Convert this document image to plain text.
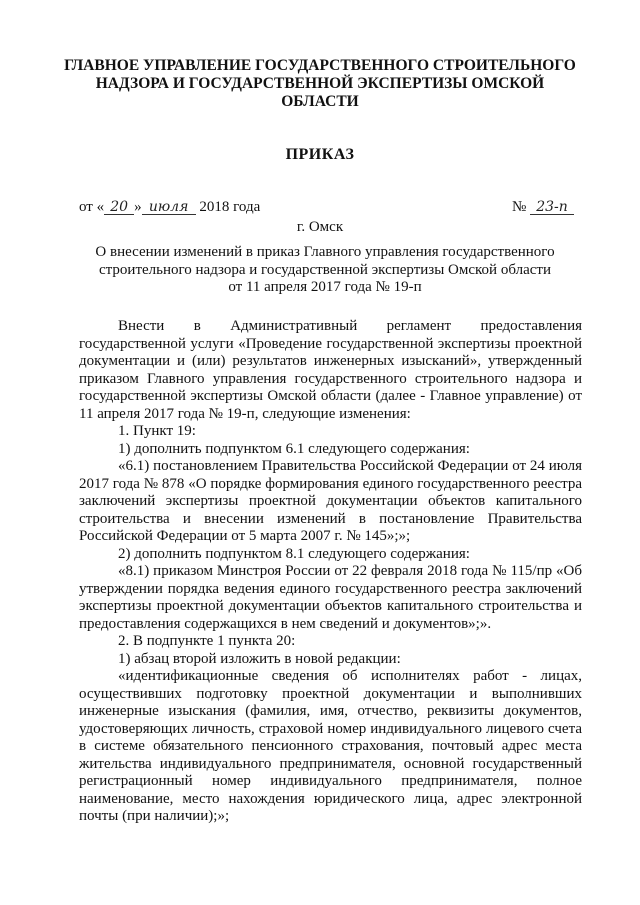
ГЛАВНОЕ УПРАВЛЕНИЕ ГОСУДАРСТВЕННОГО СТРОИТЕЛЬНОГО
НАДЗОРА И ГОСУДАРСТВЕННОЙ ЭКСПЕРТИЗЫ ОМСКОЙ
ОБЛАСТИ
ПРИКАЗ
от « 20 » июля 2018 года	№ 23-п
г. Омск
О внесении изменений в приказ Главного управления государственного
строительного надзора и государственной экспертизы Омской области
от 11 апреля 2017 года № 19-п

Внести в Административный регламент предоставления государственной услуги «Проведение государственной экспертизы проектной документации и (или) результатов инженерных изысканий», утвержденный приказом Главного управления государственного строительного надзора и государственной экспертизы Омской области (далее - Главное управление) от 11 апреля 2017 года № 19-п, следующие изменения:

1. Пункт 19:

1) дополнить подпунктом 6.1 следующего содержания:

«6.1) постановлением Правительства Российской Федерации от 24 июля 2017 года № 878 «О порядке формирования единого государственного реестра заключений экспертизы проектной документации объектов капитального строительства и внесении изменений в постановление Правительства Российской Федерации от 5 марта 2007 г. № 145»;»;

2) дополнить подпунктом 8.1 следующего содержания:

«8.1) приказом Минстроя России от 22 февраля 2018 года № 115/пр «Об утверждении порядка ведения единого государственного реестра заключений экспертизы проектной документации объектов капитального строительства и предоставления содержащихся в нем сведений и документов»;».

2. В подпункте 1 пункта 20:

1) абзац второй изложить в новой редакции:

«идентификационные сведения об исполнителях работ - лицах, осуществивших подготовку проектной документации и выполнивших инженерные изыскания (фамилия, имя, отчество, реквизиты документов, удостоверяющих личность, страховой номер индивидуального лицевого счета в системе обязательного пенсионного страхования, почтовый адрес места жительства индивидуального предпринимателя, основной государственный регистрационный номер индивидуального предпринимателя, полное наименование, место нахождения юридического лица, адрес электронной почты (при наличии);»;
